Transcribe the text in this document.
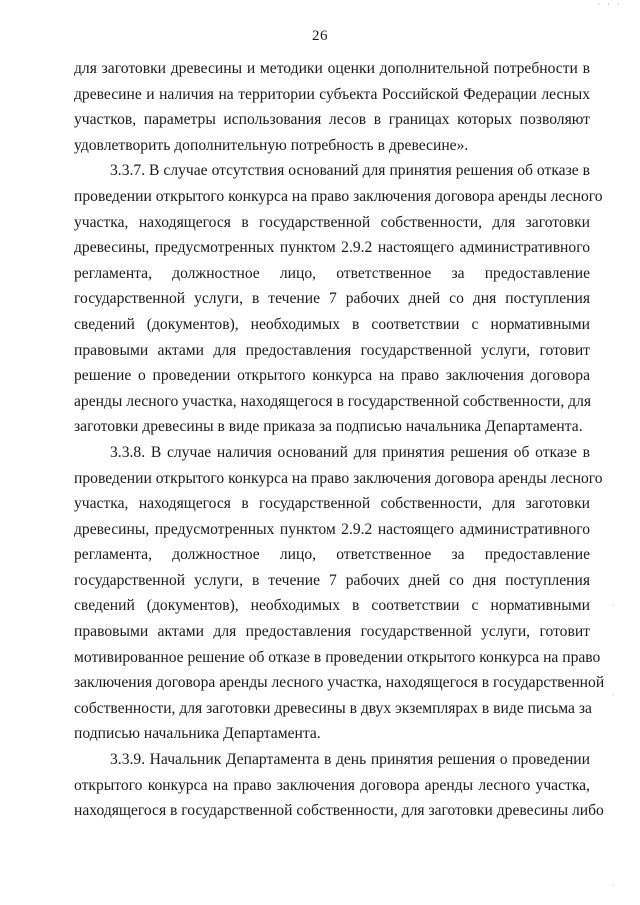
· · ·
·
·
·
26
для заготовки древесины и методики оценки дополнительной потребности в
древесине и наличия на территории субъекта Российской Федерации лесных
участков, параметры использования лесов в границах которых позволяют
удовлетворить дополнительную потребность в древесине».
3.3.7. В случае отсутствия оснований для принятия решения об отказе в
проведении открытого конкурса на право заключения договора аренды лесного
участка, находящегося в государственной собственности, для заготовки
древесины, предусмотренных пунктом 2.9.2 настоящего административного
регламента, должностное лицо, ответственное за предоставление
государственной услуги, в течение 7 рабочих дней со дня поступления
сведений (документов), необходимых в соответствии с нормативными
правовыми актами для предоставления государственной услуги, готовит
решение о проведении открытого конкурса на право заключения договора
аренды лесного участка, находящегося в государственной собственности, для
заготовки древесины в виде приказа за подписью начальника Департамента.
3.3.8. В случае наличия оснований для принятия решения об отказе в
проведении открытого конкурса на право заключения договора аренды лесного
участка, находящегося в государственной собственности, для заготовки
древесины, предусмотренных пунктом 2.9.2 настоящего административного
регламента, должностное лицо, ответственное за предоставление
государственной услуги, в течение 7 рабочих дней со дня поступления
сведений (документов), необходимых в соответствии с нормативными
правовыми актами для предоставления государственной услуги, готовит
мотивированное решение об отказе в проведении открытого конкурса на право
заключения договора аренды лесного участка, находящегося в государственной
собственности, для заготовки древесины в двух экземплярах в виде письма за
подписью начальника Департамента.
3.3.9. Начальник Департамента в день принятия решения о проведении
открытого конкурса на право заключения договора аренды лесного участка,
находящегося в государственной собственности, для заготовки древесины либо
